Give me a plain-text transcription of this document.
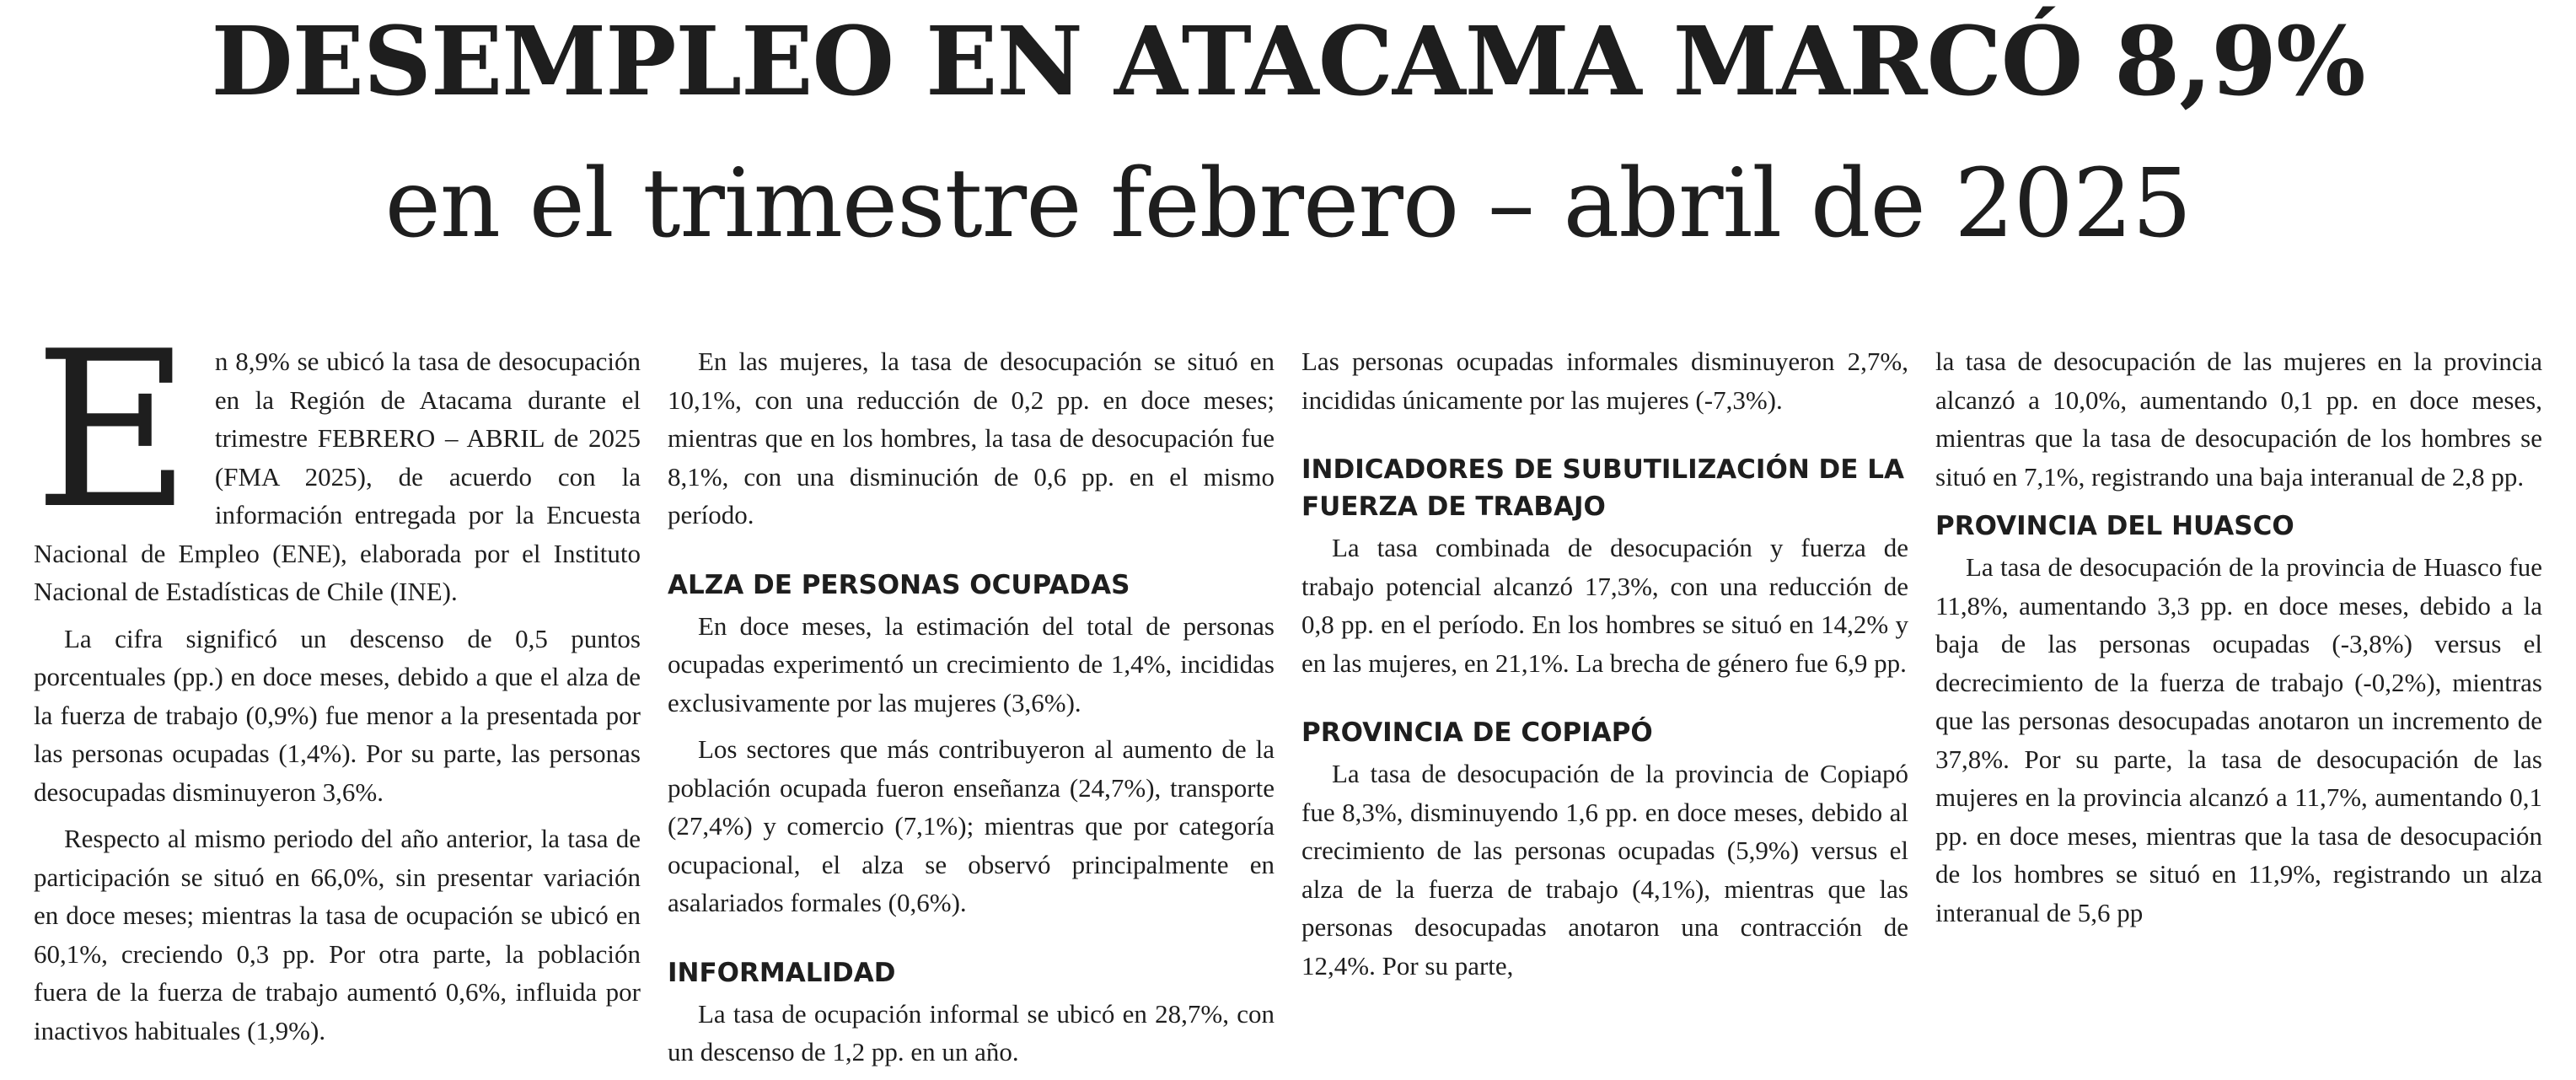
DESEMPLEO EN ATACAMA MARCÓ 8,9%
en el trimestre febrero – abril de 2025

En 8,9% se ubicó la tasa de desocupación en la Región de Atacama durante el trimestre FEBRERO – ABRIL de 2025 (FMA 2025), de acuerdo con la información entregada por la Encuesta Nacional de Empleo (ENE), elaborada por el Instituto Nacional de Estadísticas de Chile (INE).

La cifra significó un descenso de 0,5 puntos porcentuales (pp.) en doce meses, debido a que el alza de la fuerza de trabajo (0,9%) fue menor a la presentada por las personas ocupadas (1,4%). Por su parte, las personas desocupadas disminuyeron 3,6%.

Respecto al mismo periodo del año anterior, la tasa de participación se situó en 66,0%, sin presentar variación en doce meses; mientras la tasa de ocupación se ubicó en 60,1%, creciendo 0,3 pp. Por otra parte, la población fuera de la fuerza de trabajo aumentó 0,6%, influida por inactivos habituales (1,9%).

En las mujeres, la tasa de desocupación se situó en 10,1%, con una reducción de 0,2 pp. en doce meses; mientras que en los hombres, la tasa de desocupación fue 8,1%, con una disminución de 0,6 pp. en el mismo período.

ALZA DE PERSONAS OCUPADAS

En doce meses, la estimación del total de personas ocupadas experimentó un crecimiento de 1,4%, incididas exclusivamente por las mujeres (3,6%).

Los sectores que más contribuyeron al aumento de la población ocupada fueron enseñanza (24,7%), transporte (27,4%) y comercio (7,1%); mientras que por categoría ocupacional, el alza se observó principalmente en asalariados formales (0,6%).

INFORMALIDAD

La tasa de ocupación informal se ubicó en 28,7%, con un descenso de 1,2 pp. en un año.

Las personas ocupadas informales disminuyeron 2,7%, incididas únicamente por las mujeres (-7,3%).

INDICADORES DE SUBUTILIZACIÓN DE LA FUERZA DE TRABAJO

La tasa combinada de desocupación y fuerza de trabajo potencial alcanzó 17,3%, con una reducción de 0,8 pp. en el período. En los hombres se situó en 14,2% y en las mujeres, en 21,1%. La brecha de género fue 6,9 pp.

PROVINCIA DE COPIAPÓ

La tasa de desocupación de la provincia de Copiapó fue 8,3%, disminuyendo 1,6 pp. en doce meses, debido al crecimiento de las personas ocupadas (5,9%) versus el alza de la fuerza de trabajo (4,1%), mientras que las personas desocupadas anotaron una contracción de 12,4%. Por su parte,

la tasa de desocupación de las mujeres en la provincia alcanzó a 10,0%, aumentando 0,1 pp. en doce meses, mientras que la tasa de desocupación de los hombres se situó en 7,1%, registrando una baja interanual de 2,8 pp.

PROVINCIA DEL HUASCO

La tasa de desocupación de la provincia de Huasco fue 11,8%, aumentando 3,3 pp. en doce meses, debido a la baja de las personas ocupadas (-3,8%) versus el decrecimiento de la fuerza de trabajo (-0,2%), mientras que las personas desocupadas anotaron un incremento de 37,8%. Por su parte, la tasa de desocupación de las mujeres en la provincia alcanzó a 11,7%, aumentando 0,1 pp. en doce meses, mientras que la tasa de desocupación de los hombres se situó en 11,9%, registrando un alza interanual de 5,6 pp
